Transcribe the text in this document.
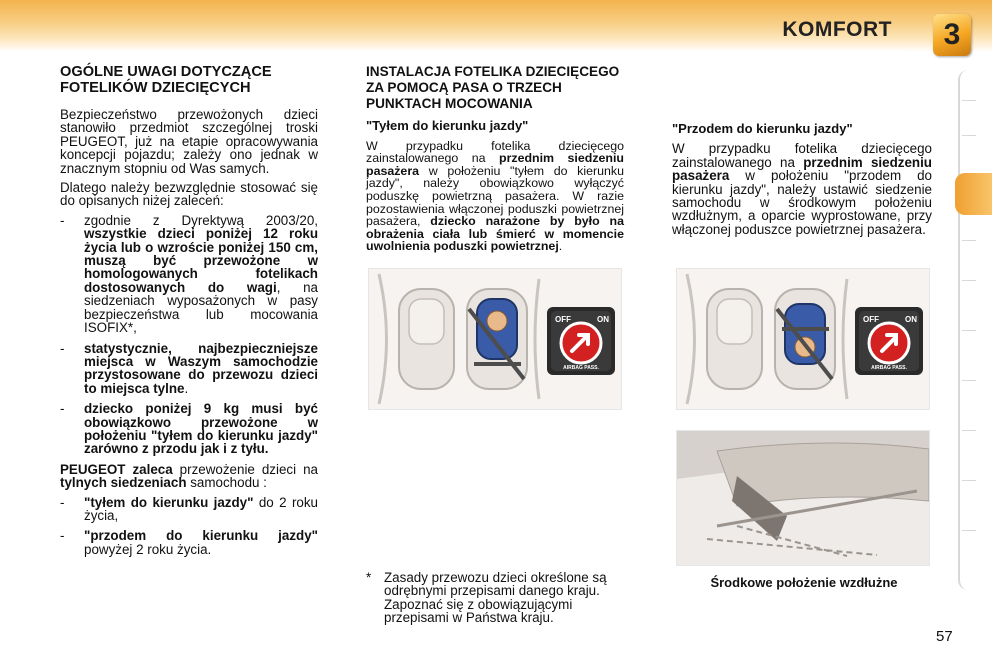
KOMFORT	3
OGÓLNE UWAGI DOTYCZĄCE FOTELIKÓW DZIECIĘCYCH

Bezpieczeństwo przewożonych dzieci stanowiło przedmiot szczególnej troski PEUGEOT, już na etapie opracowywania koncepcji pojazdu; zależy ono jednak w znacznym stopniu od Was samych.

Dlatego należy bezwzględnie stosować się do opisanych niżej zaleceń:

- zgodnie z Dyrektywą 2003/20, wszystkie dzieci poniżej 12 roku życia lub o wzroście poniżej 150 cm, muszą być przewożone w homologowanych fotelikach dostosowanych do wagi, na siedzeniach wyposażonych w pasy bezpieczeństwa lub mocowania ISOFIX*,
- statystycznie, najbezpieczniejsze miejsca w Waszym samochodzie przystosowane do przewozu dzieci to miejsca tylne.
- dziecko poniżej 9 kg musi być obowiązkowo przewożone w położeniu "tyłem do kierunku jazdy" zarówno z przodu jak i z tyłu.

PEUGEOT zaleca przewożenie dzieci na tylnych siedzeniach samochodu :

- "tyłem do kierunku jazdy" do 2 roku życia,
- "przodem do kierunku jazdy" powyżej 2 roku życia.
INSTALACJA FOTELIKA DZIECIĘCEGO ZA POMOCĄ PASA O TRZECH PUNKTACH MOCOWANIA
"Tyłem do kierunku jazdy"

W przypadku fotelika dziecięcego zainstalowanego na przednim siedzeniu pasażera w położeniu "tyłem do kierunku jazdy", należy obowiązkowo wyłączyć poduszkę powietrzną pasażera. W razie pozostawienia włączonej poduszki powietrznej pasażera, dziecko narażone by było na obrażenia ciała lub śmierć w momencie uwolnienia poduszki powietrznej.

"Przodem do kierunku jazdy"

W przypadku fotelika dziecięcego zainstalowanego na przednim siedzeniu pasażera w położeniu "przodem do kierunku jazdy", należy ustawić siedzenie samochodu w środkowym położeniu wzdłużnym, a oparcie wyprostowane, przy włączonej poduszce powietrznej pasażera.

OFF	ON
AIRBAG PASS.
OFF	ON
AIRBAG PASS.
* Zasady przewozu dzieci określone są odrębnymi przepisami danego kraju. Zapoznać się z obowiązującymi przepisami w Państwa kraju.
Środkowe położenie wzdłużne
57
